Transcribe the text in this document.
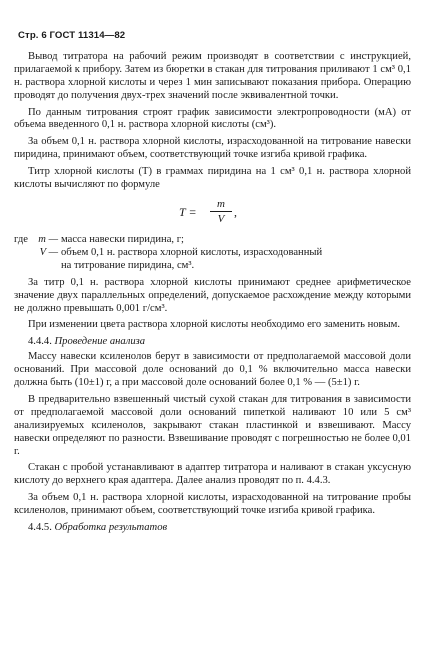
Стр. 6 ГОСТ 11314—82

Вывод титратора на рабочий режим производят в соответствии с инструкцией, прилагаемой к прибору. Затем из бюретки в стакан для титрования приливают 1 см³ 0,1 н. раствора хлорной кислоты и через 1 мин записывают показания прибора. Операцию проводят до получения двух-трех значений после эквивалентной точки.

По данным титрования строят график зависимости электропроводности (мА) от объема введенного 0,1 н. раствора хлорной кислоты (см³).

За объем 0,1 н. раствора хлорной кислоты, израсходованной на титрование навески пиридина, принимают объем, соответствующий точке изгиба кривой графика.

Титр хлорной кислоты (T) в граммах пиридина на 1 см³ 0,1 н. раствора хлорной кислоты вычисляют по формуле

T =
m
V ,
где m — масса навески пиридина, г;
V — объем 0,1 н. раствора хлорной кислоты, израсходованный
на титрование пиридина, см³.

За титр 0,1 н. раствора хлорной кислоты принимают среднее арифметическое значение двух параллельных определений, допускаемое расхождение между которыми не должно превышать 0,001 г/см³.

При изменении цвета раствора хлорной кислоты необходимо его заменить новым.

4.4.4. Проведение анализа

Массу навески ксиленолов берут в зависимости от предполагаемой массовой доли оснований. При массовой доле оснований до 0,1 % включительно масса навески должна быть (10±1) г, а при массовой доле оснований более 0,1 % — (5±1) г.

В предварительно взвешенный чистый сухой стакан для титрования в зависимости от предполагаемой массовой доли оснований пипеткой наливают 10 или 5 см³ анализируемых ксиленолов, закрывают стакан пластинкой и взвешивают. Массу навески определяют по разности. Взвешивание проводят с погрешностью не более 0,01 г.

Стакан с пробой устанавливают в адаптер титратора и наливают в стакан уксусную кислоту до верхнего края адаптера. Далее анализ проводят по п. 4.4.3.

За объем 0,1 н. раствора хлорной кислоты, израсходованной на титрование пробы ксиленолов, принимают объем, соответствующий точке изгиба кривой графика.

4.4.5. Обработка результатов
